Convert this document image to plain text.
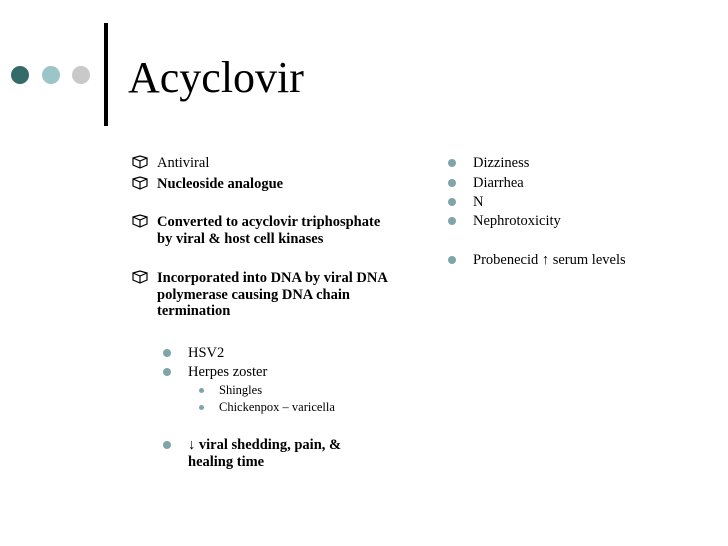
Acyclovir
Antiviral
Nucleoside analogue
Converted to acyclovir triphosphate by viral & host cell kinases
Incorporated into DNA by viral DNA polymerase causing DNA chain termination
HSV2
Herpes zoster
Shingles
Chickenpox – varicella
↓ viral shedding, pain, & healing time
Dizziness
Diarrhea
N
Nephrotoxicity
Probenecid ↑ serum levels
